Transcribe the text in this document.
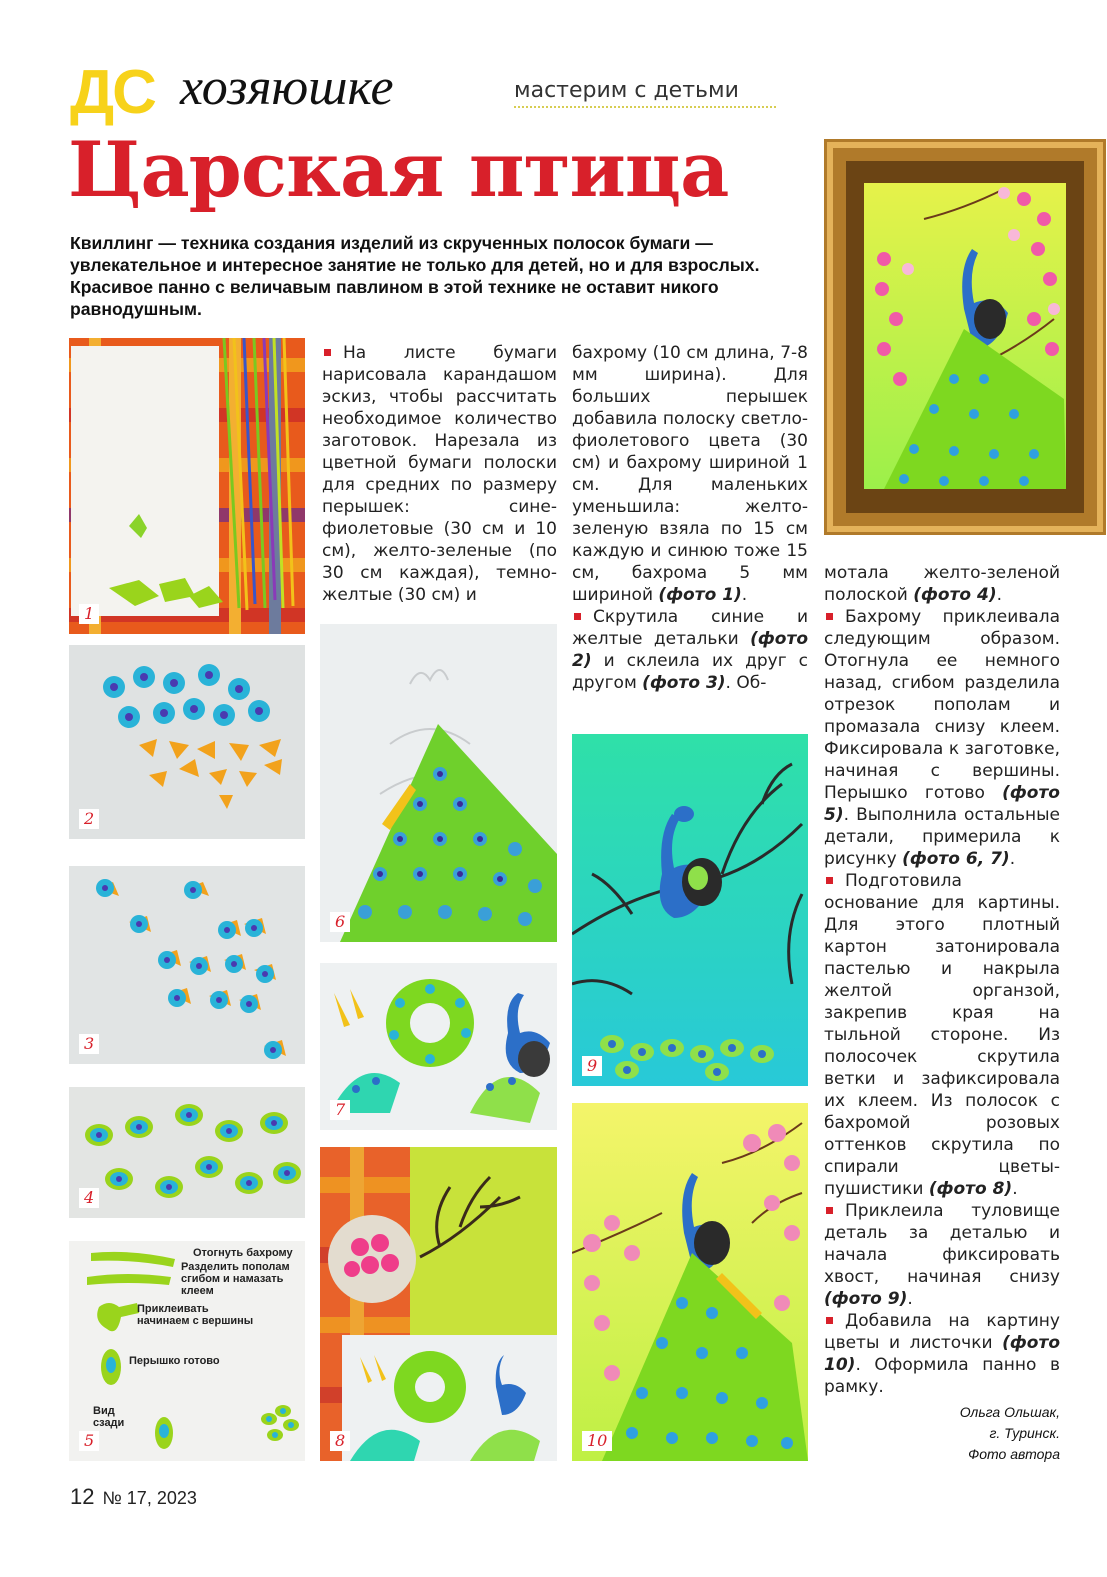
ДС хозяюшке	мастерим с детьми
Царская птица
Квиллинг — техника создания изделий из скрученных полосок бумаги — увлекательное и интересное занятие не только для детей, но и для взрослых. Красивое панно с величавым павлином в этой технике не оставит никого равнодушным.
1
2
3
4
Отогнуть бахрому
Разделить пополам сгибом и намазать клеем
Приклеивать начинаем с вершины
Перышко готово
Вид сзади
5

На листе бумаги нарисовала карандашом эскиз, чтобы рассчитать необходимое количество заготовок. Нарезала из цветной бумаги полоски для средних по размеру перышек: сине-фиолетовые (30 см и 10 см), желто-зеленые (по 30 см каждая), темно-желтые (30 см) и

6
7
8

бахрому (10 см длина, 7-8 мм ширина). Для больших перышек добавила полоску светло-фиолетового цвета (30 см) и бахрому шириной 1 см. Для маленьких уменьшила: желто-зеленую взяла по 15 см каждую и синюю тоже 15 см, бахрома 5 мм шириной (фото 1).

Скрутила синие и желтые детальки (фото 2) и склеила их друг с другом (фото 3). Об-

9
10

мотала желто-зеленой полоской (фото 4).

Бахрому приклеивала следующим образом. Отогнула ее немного назад, сгибом разделила отрезок пополам и промазала снизу клеем. Фиксировала к заготовке, начиная с вершины. Перышко готово (фото 5). Выполнила остальные детали, примерила к рисунку (фото 6, 7).

Подготовила основание для картины. Для этого плотный картон затонировала пастелью и накрыла желтой органзой, закрепив края на тыльной стороне. Из полосочек скрутила ветки и зафиксировала их клеем. Из полосок с бахромой розовых оттенков скрутила по спирали цветы-пушистики (фото 8).

Приклеила туловище деталь за деталью и начала фиксировать хвост, начиная снизу (фото 9).

Добавила на картину цветы и листочки (фото 10). Оформила панно в рамку.

Ольга Ольшак,
г. Туринск.
Фото автора
12 № 17, 2023
